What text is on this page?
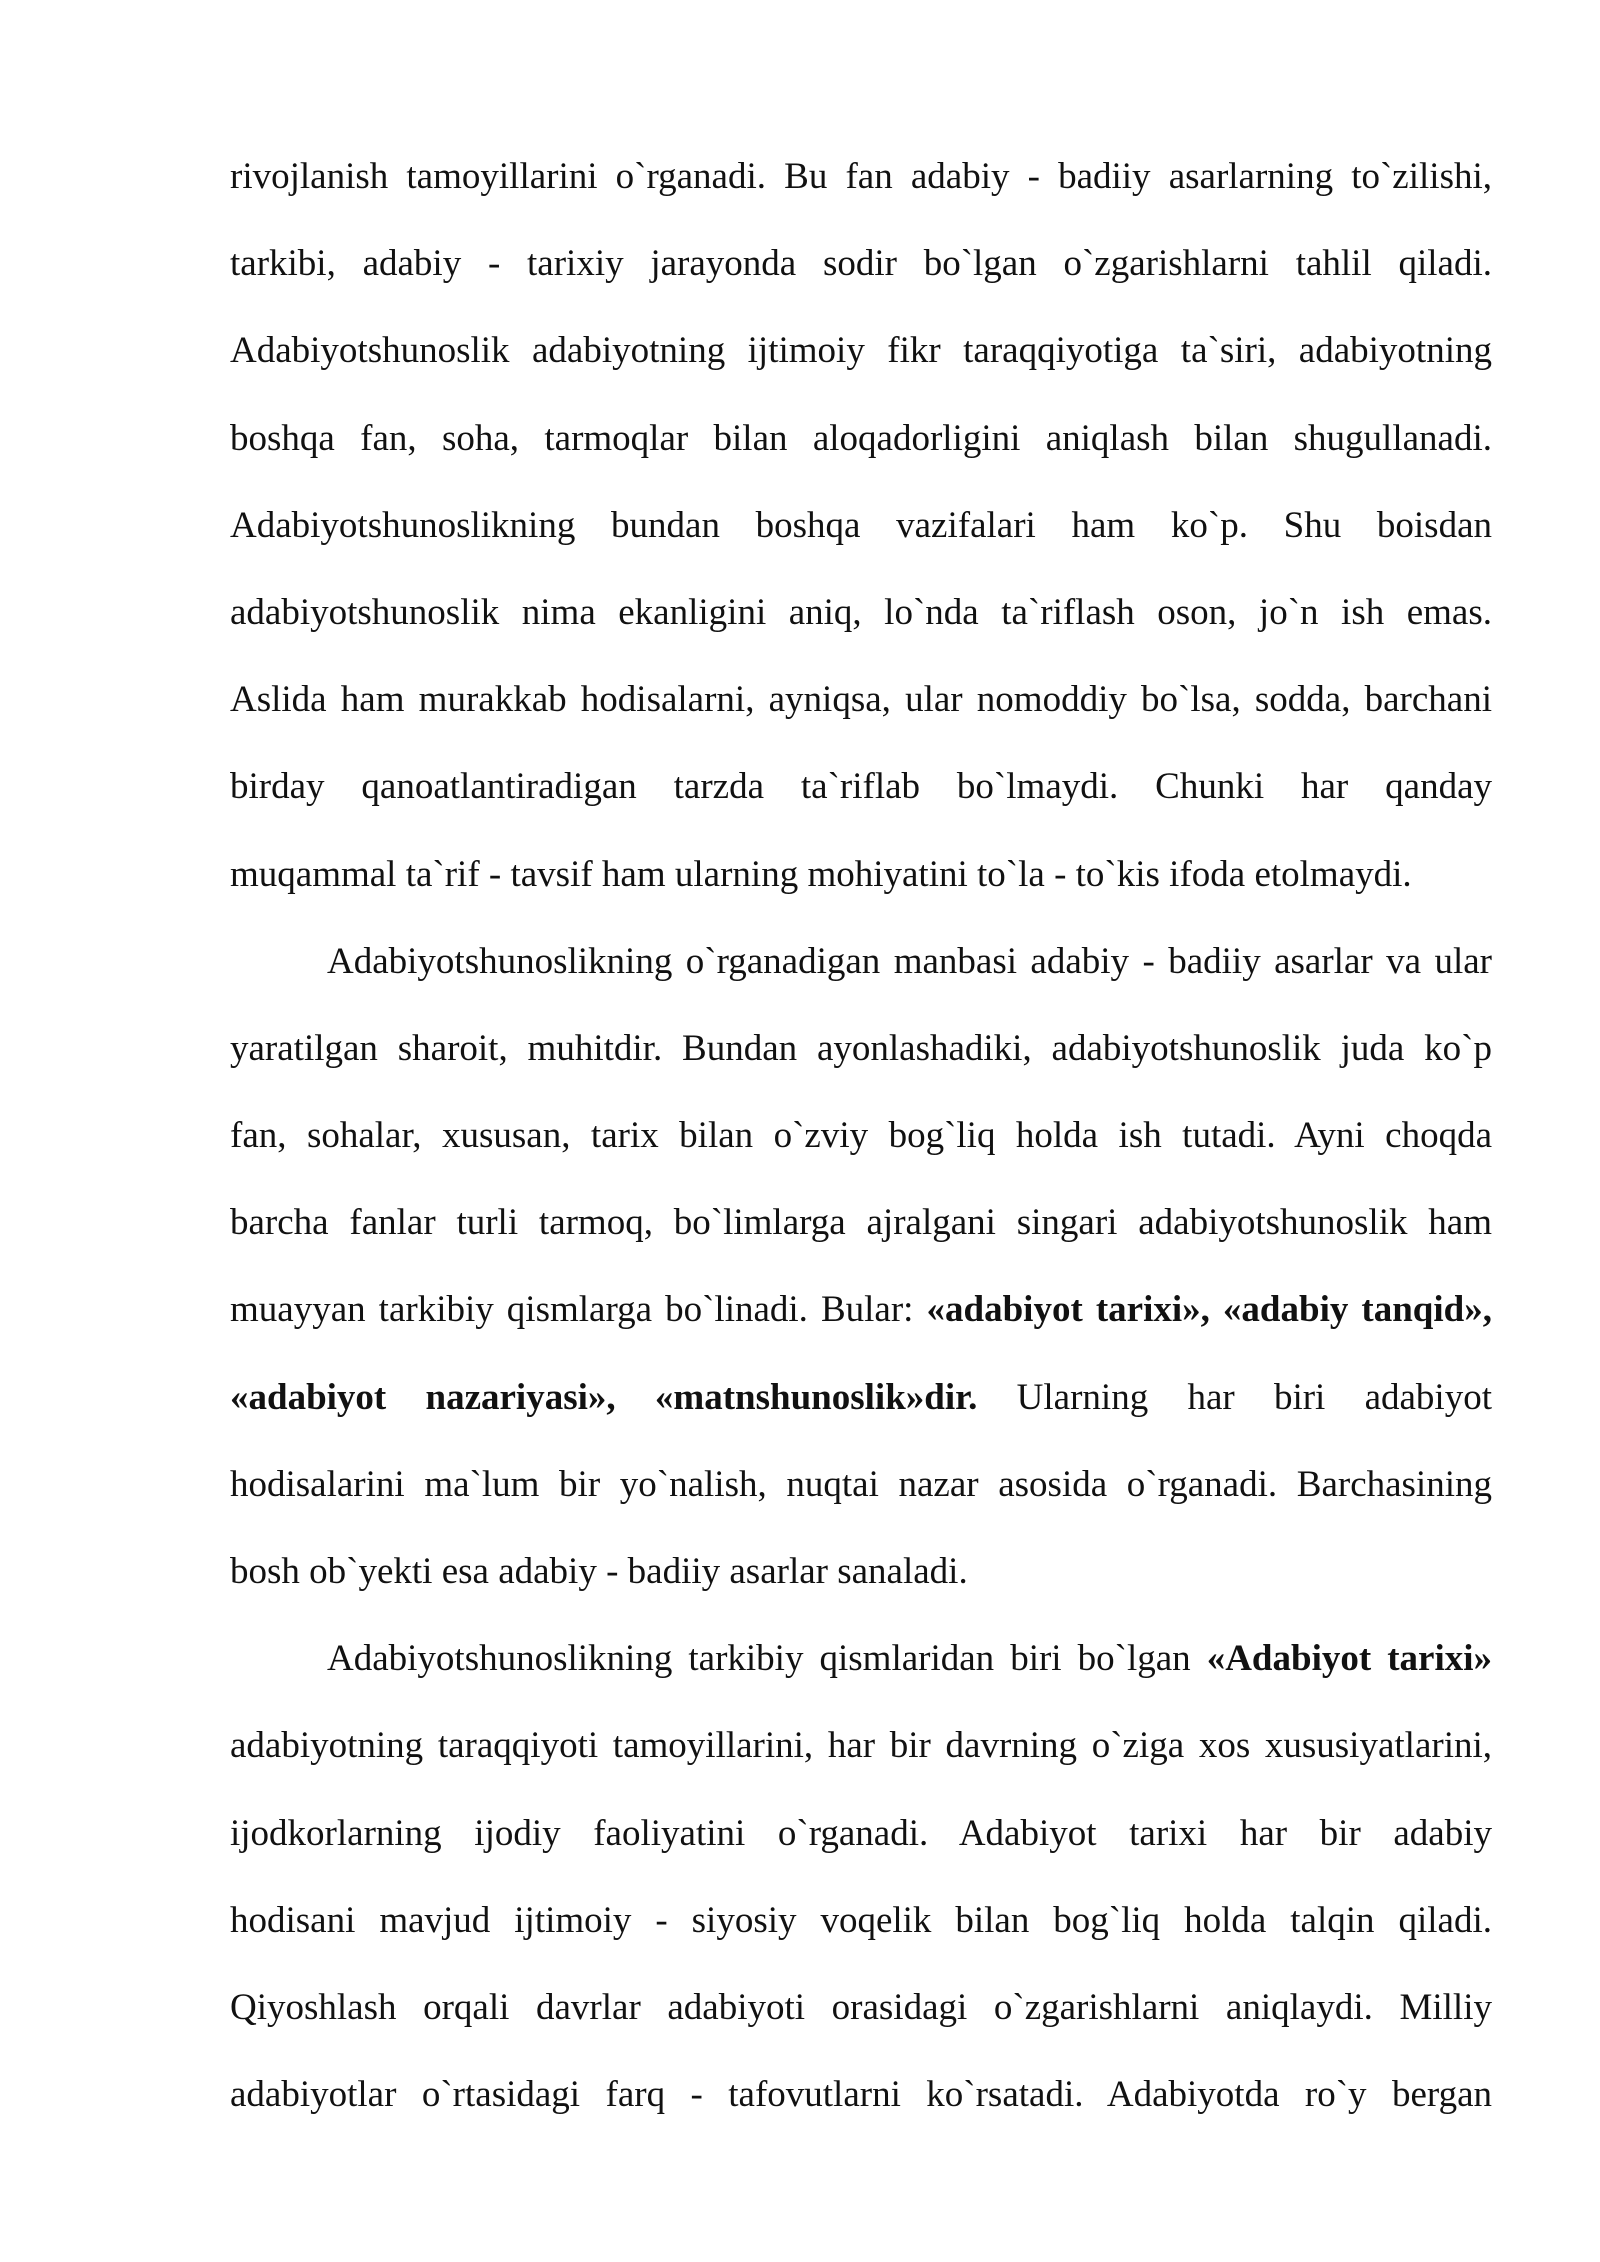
rivojlanish tamoyillarini o`rganadi. Bu fan adabiy - badiiy asarlarning to`zilishi,
tarkibi, adabiy - tarixiy jarayonda sodir bo`lgan o`zgarishlarni tahlil qiladi.
Adabiyotshunoslik adabiyotning ijtimoiy fikr taraqqiyotiga ta`siri, adabiyotning
boshqa fan, soha, tarmoqlar bilan aloqadorligini aniqlash bilan shugullanadi.
Adabiyotshunoslikning bundan boshqa vazifalari ham ko`p. Shu boisdan
adabiyotshunoslik nima ekanligini aniq, lo`nda ta`riflash oson, jo`n ish emas.
Aslida ham murakkab hodisalarni, ayniqsa, ular nomoddiy bo`lsa, sodda, barchani
birday qanoatlantiradigan tarzda ta`riflab bo`lmaydi. Chunki har qanday
muqammal ta`rif - tavsif ham ularning mohiyatini to`la - to`kis ifoda etolmaydi.
Adabiyotshunoslikning o`rganadigan manbasi adabiy - badiiy asarlar va ular
yaratilgan sharoit, muhitdir. Bundan ayonlashadiki, adabiyotshunoslik juda ko`p
fan, sohalar, xususan, tarix bilan o`zviy bog`liq holda ish tutadi. Ayni choqda
barcha fanlar turli tarmoq, bo`limlarga ajralgani singari adabiyotshunoslik ham
muayyan tarkibiy qismlarga bo`linadi. Bular: «adabiyot tarixi», «adabiy tanqid»,
«adabiyot nazariyasi», «matnshunoslik»dir. Ularning har biri adabiyot
hodisalarini ma`lum bir yo`nalish, nuqtai nazar asosida o`rganadi. Barchasining
bosh ob`yekti esa adabiy - badiiy asarlar sanaladi.
Adabiyotshunoslikning tarkibiy qismlaridan biri bo`lgan «Adabiyot tarixi»
adabiyotning taraqqiyoti tamoyillarini, har bir davrning o`ziga xos xususiyatlarini,
ijodkorlarning ijodiy faoliyatini o`rganadi. Adabiyot tarixi har bir adabiy
hodisani mavjud ijtimoiy - siyosiy voqelik bilan bog`liq holda talqin qiladi.
Qiyoshlash orqali davrlar adabiyoti orasidagi o`zgarishlarni aniqlaydi. Milliy
adabiyotlar o`rtasidagi farq - tafovutlarni ko`rsatadi. Adabiyotda ro`y bergan
